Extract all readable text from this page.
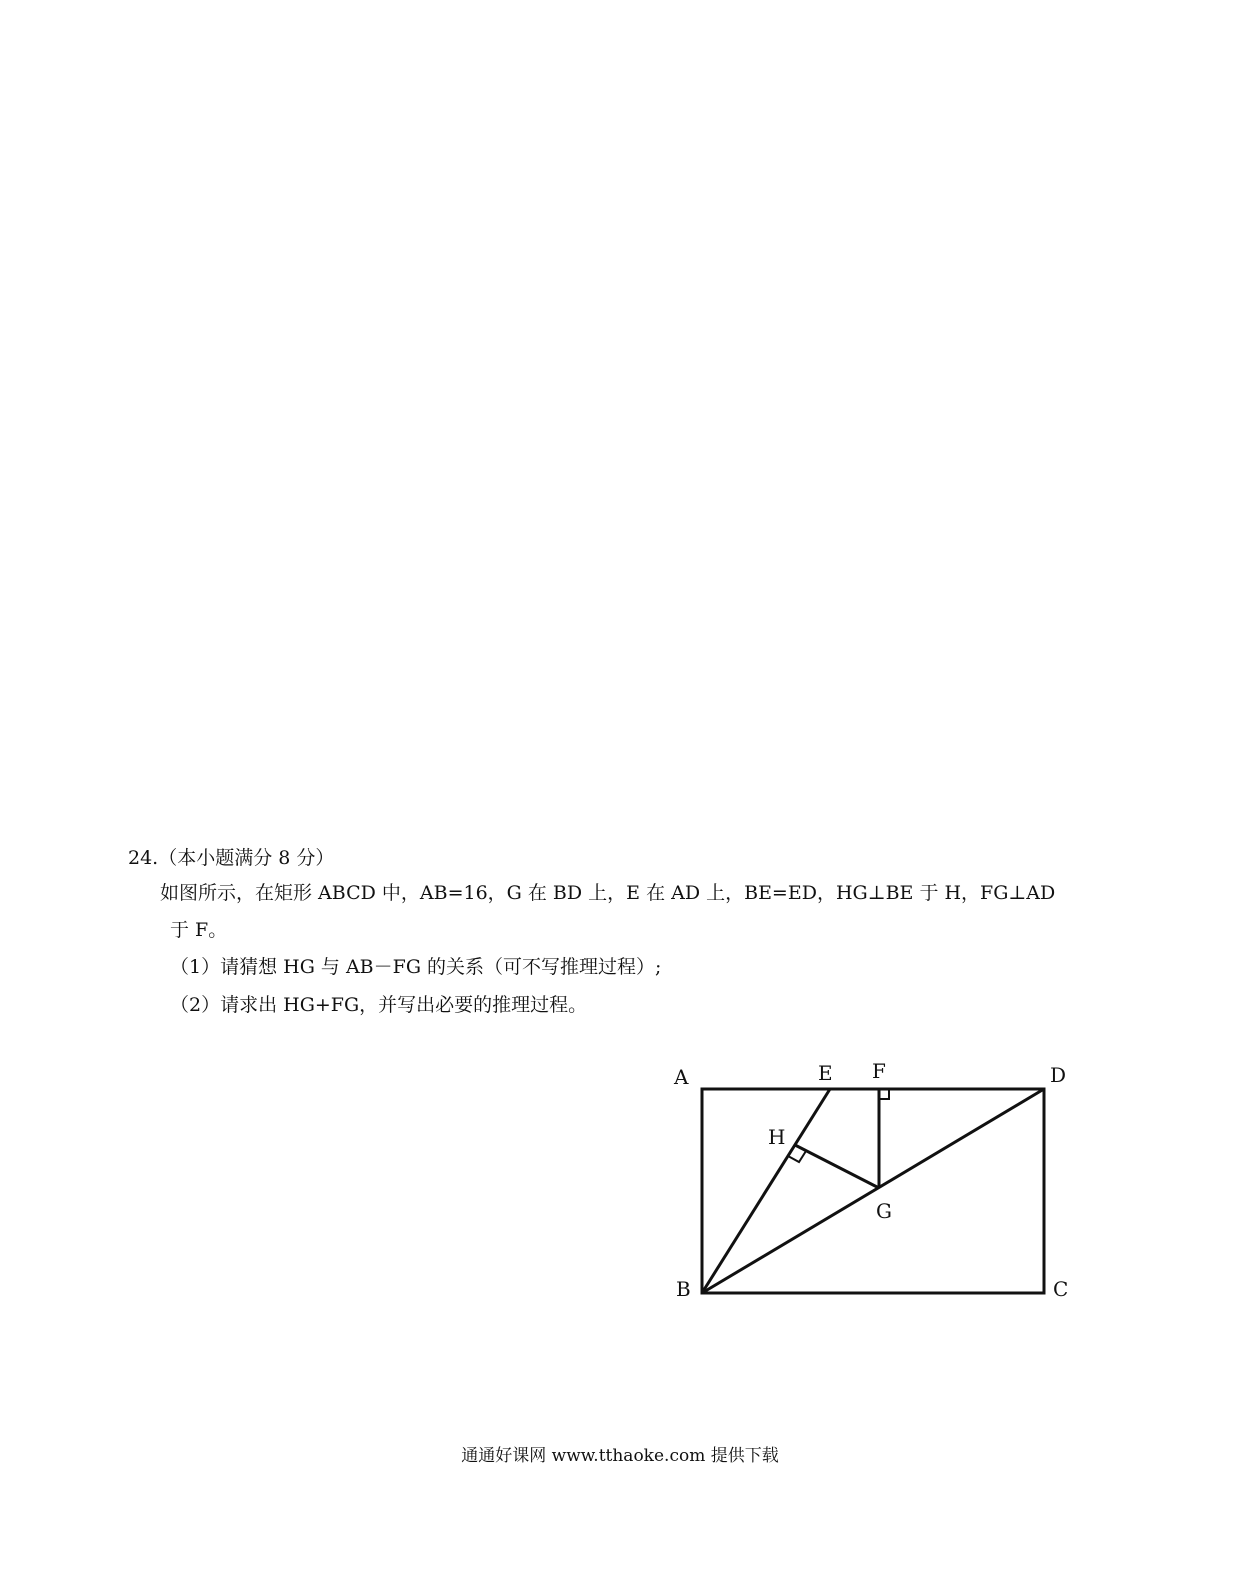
24.（本小题满分 8 分）
如图所示，在矩形 ABCD 中，AB=16，G 在 BD 上，E 在 AD 上，BE=ED，HG⊥BE 于 H，FG⊥AD
于 F。
（1）请猜想 HG 与 AB－FG 的关系（可不写推理过程）;
（2）请求出 HG+FG，并写出必要的推理过程。
A	E F	D
H
G
B	C
通通好课网 www.tthaoke.com 提供下载
